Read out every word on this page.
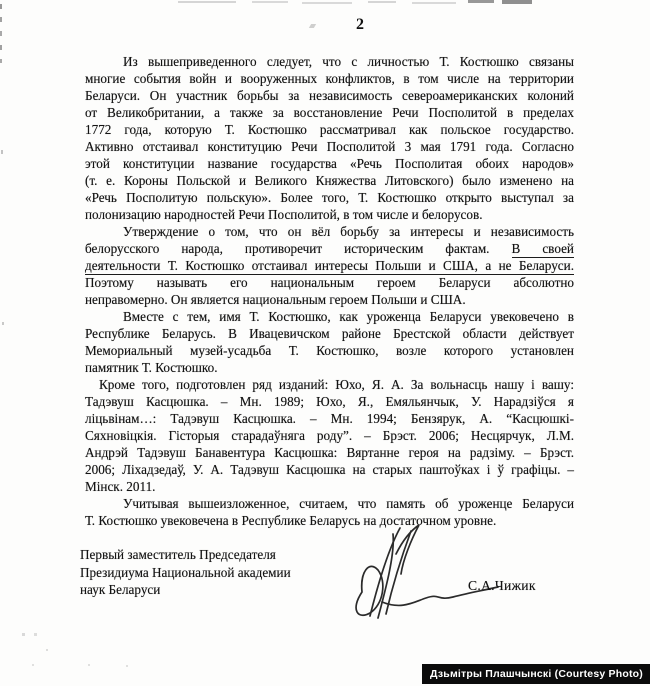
2
Из вышеприведенного следует, что с личностью Т. Костюшко связаны
многие события войн и вооруженных конфликтов, в том числе на территории
Беларуси. Он участник борьбы за независимость североамериканских колоний
от Великобритании, а также за восстановление Речи Посполитой в пределах
1772 года, которую Т. Костюшко рассматривал как польское государство.
Активно отстаивал конституцию Речи Посполитой 3 мая 1791 года. Согласно
этой конституции название государства «Речь Посполитая обоих народов»
(т. е. Короны Польской и Великого Княжества Литовского) было изменено на
«Речь Посполитую польскую». Более того, Т. Костюшко открыто выступал за
полонизацию народностей Речи Посполитой, в том числе и белорусов.
Утверждение о том, что он вёл борьбу за интересы и независимость
белорусского народа, противоречит историческим фактам. В своей
деятельности Т. Костюшко отстаивал интересы Польши и США, а не Беларуси.
Поэтому называть его национальным героем Беларуси абсолютно
неправомерно. Он является национальным героем Польши и США.
Вместе с тем, имя Т. Костюшко, как уроженца Беларуси увековечено в
Республике Беларусь. В Ивацевичском районе Брестской области действует
Мемориальный музей-усадьба Т. Костюшко, возле которого установлен
памятник Т. Костюшко.
Кроме того, подготовлен ряд изданий: Юхо, Я. А. За вольнасць нашу і вашу:
Тадэвуш Касцюшка. – Мн. 1989; Юхо, Я., Емяльянчык, У. Нарадзіўся я
ліцьвінам…: Тадэвуш Касцюшка. – Мн. 1994; Бензярук, А. “Касцюшкі-
Сяхновіцкія. Гісторыя старадаўняга роду”. – Брэст. 2006; Несцярчук, Л.М.
Андрэй Тадэвуш Банавентура Касцюшка: Вяртанне героя на радзіму. – Брэст.
2006; Ліхадзедаў, У. А. Тадэвуш Касцюшка на старых паштоўках і ў графіцы. –
Мінск. 2011.
Учитывая вышеизложенное, считаем, что память об уроженце Беларуси
Т. Костюшко увековечена в Республике Беларусь на достаточном уровне.
Первый заместитель Председателя
Президиума Национальной академии
наук Беларуси	С.А.Чижик
Дзьмітры Плашчынскі (Courtesy Photo)
